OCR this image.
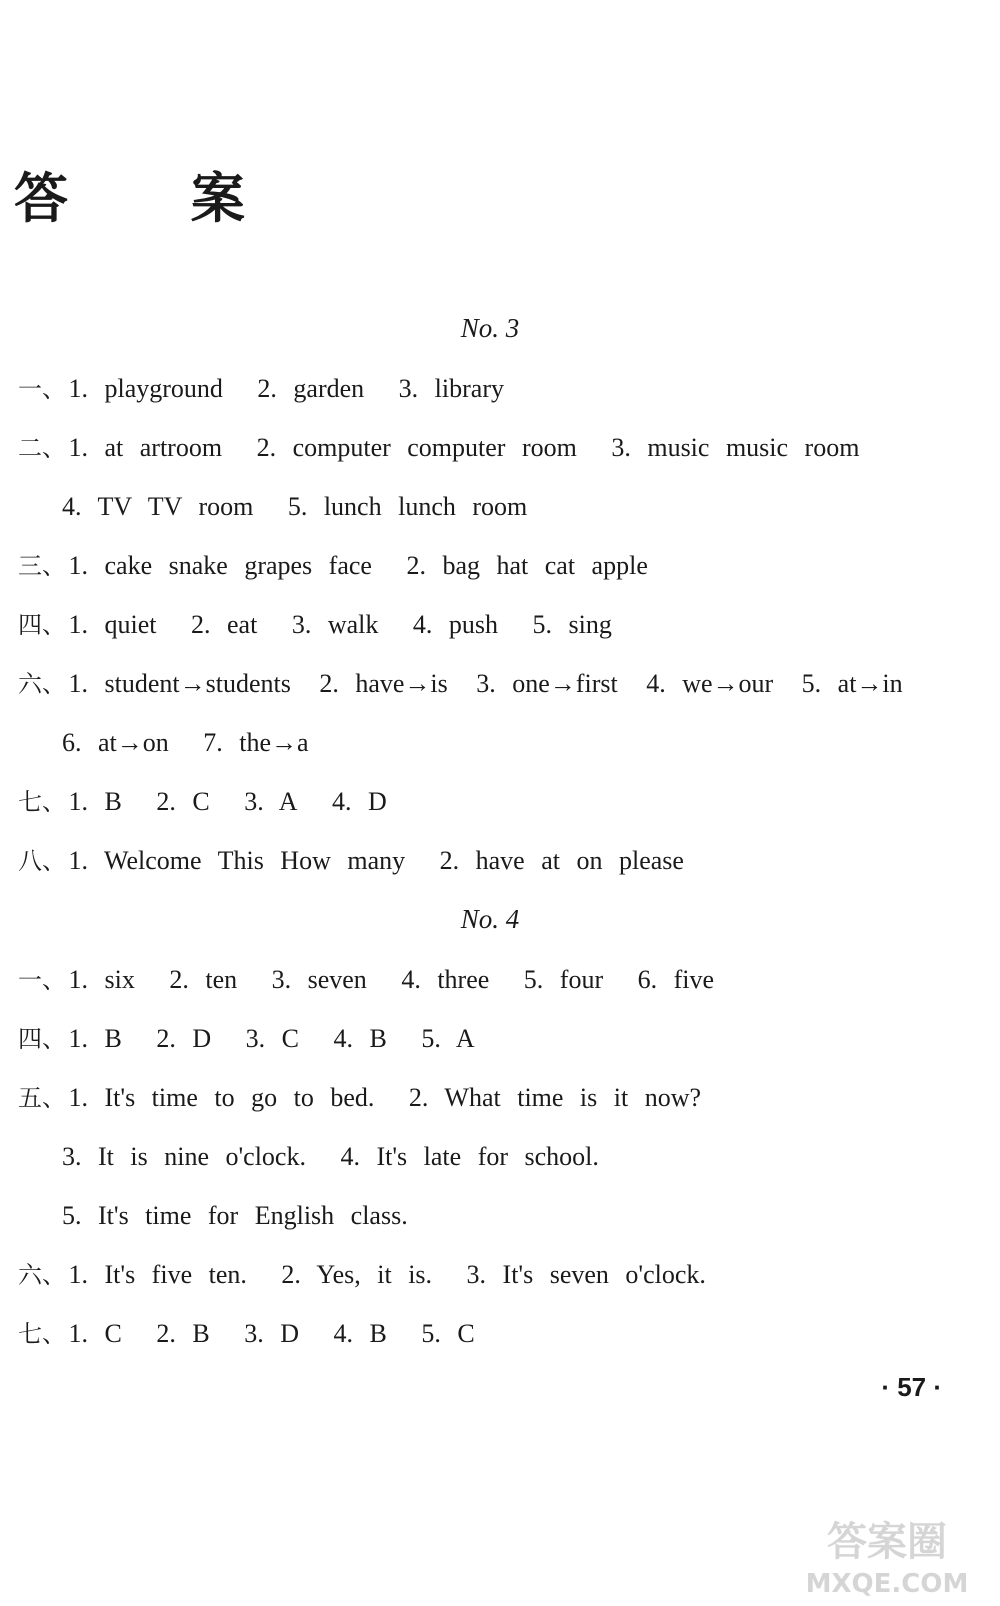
答 案
No. 3
一、 1. playground 2. garden 3. library
二、 1. at artroom 2. computer computer room 3. music music room
4. TV TV room 5. lunch lunch room
三、 1. cake snake grapes face 2. bag hat cat apple
四、 1. quiet 2. eat 3. walk 4. push 5. sing
六、 1. student→students 2. have→is 3. one→first 4. we→our 5. at→in
6. at→on 7. the→a
七、 1. B 2. C 3. A 4. D
八、 1. Welcome This How many 2. have at on please
No. 4
一、 1. six 2. ten 3. seven 4. three 5. four 6. five
四、 1. B 2. D 3. C 4. B 5. A
五、 1. It's time to go to bed. 2. What time is it now?
3. It is nine o'clock. 4. It's late for school.
5. It's time for English class.
六、 1. It's five ten. 2. Yes, it is. 3. It's seven o'clock.
七、 1. C 2. B 3. D 4. B 5. C
· 57 ·
答案圈
MXQE.COM
